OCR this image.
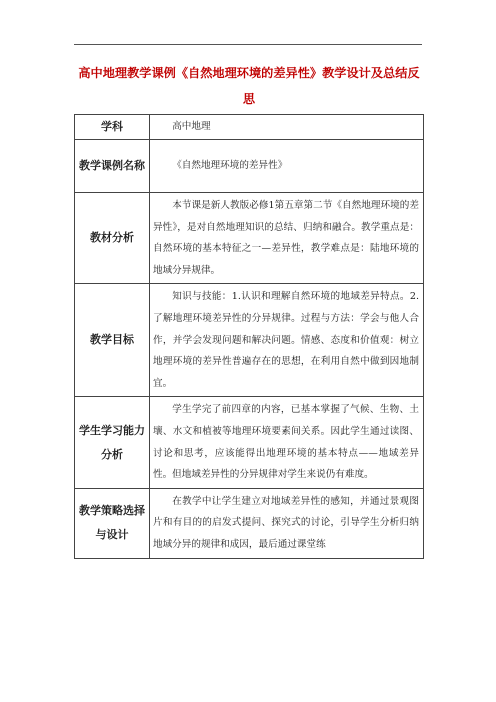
高中地理教学课例《自然地理环境的差异性》教学设计及总结反思
学科	高中地理

教学课例名称	《自然地理环境的差异性》

教材分析	本节课是新人教版必修1第五章第二节《自然地理环境的差异性》，是对自然地理知识的总结、归纳和融合。教学重点是：自然环境的基本特征之一—差异性，教学难点是：陆地环境的地域分异规律。

教学目标	知识与技能：1.认识和理解自然环境的地域差异特点。2.了解地理环境差异性的分异规律。过程与方法：学会与他人合作，并学会发现问题和解决问题。情感、态度和价值观：树立地理环境的差异性普遍存在的思想，在利用自然中做到因地制宜。

学生学习能力分析	学生学完了前四章的内容，已基本掌握了气候、生物、土壤、水文和植被等地理环境要素间关系。因此学生通过读图、讨论和思考，应该能得出地理环境的基本特点——地域差异性。但地域差异性的分异规律对学生来说仍有难度。

教学策略选择与设计	在教学中让学生建立对地域差异性的感知，并通过景观图片和有目的的启发式提问、探究式的讨论，引导学生分析归纳地域分异的规律和成因，最后通过课堂练
